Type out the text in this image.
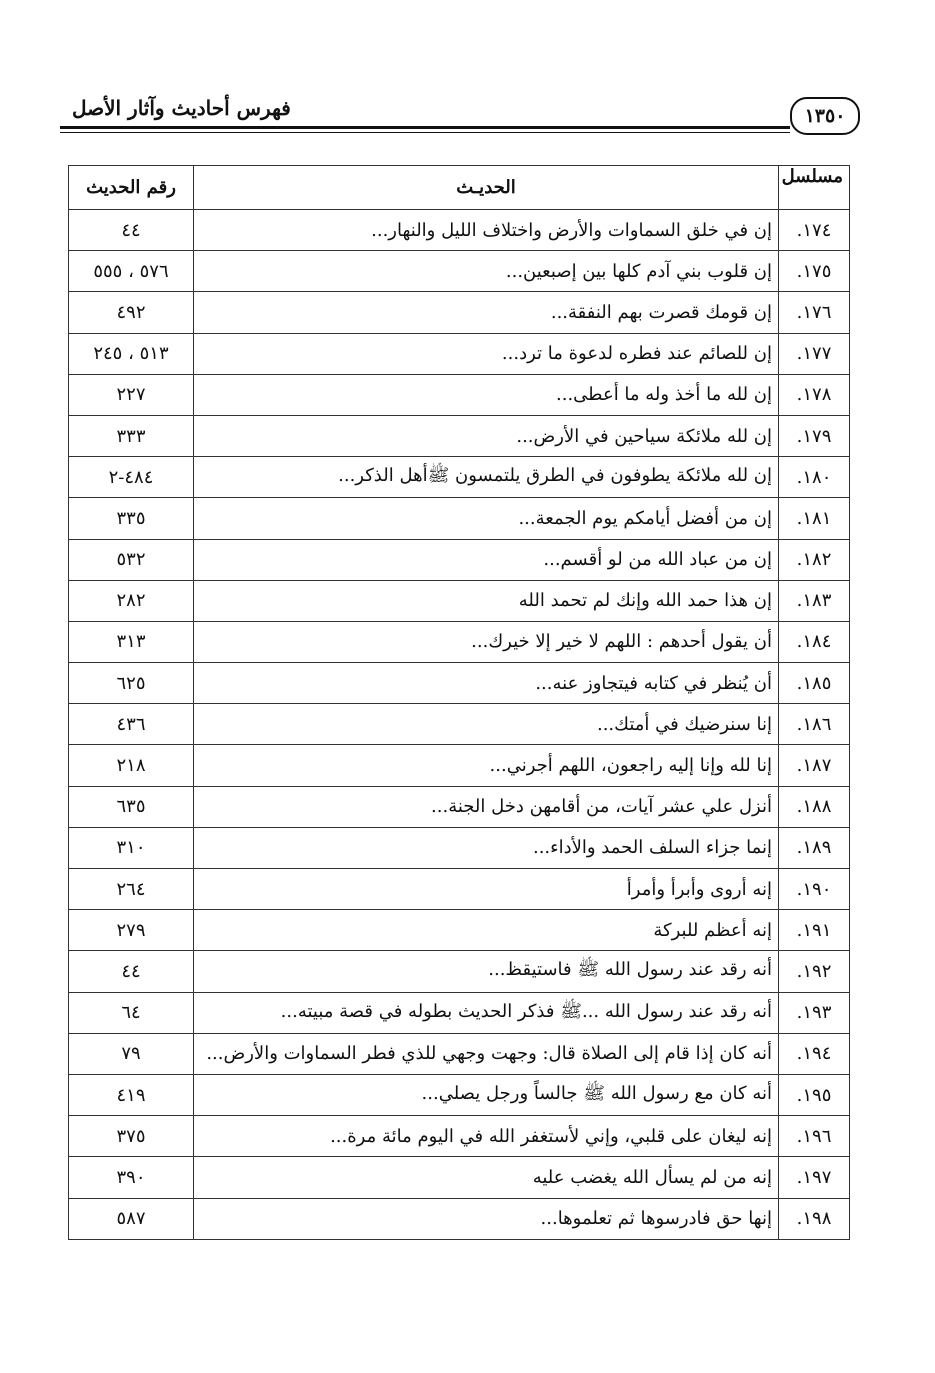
فهرس أحاديث وآثار الأصل	١٣٥٠
مسلسل	الحديـث	رقم الحديث
١٧٤.	إن في خلق السماوات والأرض واختلاف الليل والنهار...	٤٤
١٧٥.	إن قلوب بني آدم كلها بين إصبعين...	٥٧٦ ، ٥٥٥
١٧٦.	إن قومك قصرت بهم النفقة...	٤٩٢
١٧٧.	إن للصائم عند فطره لدعوة ما ترد...	٥١٣ ، ٢٤٥
١٧٨.	إن لله ما أخذ وله ما أعطى...	٢٢٧
١٧٩.	إن لله ملائكة سياحين في الأرض...	٣٣٣
١٨٠.	إن لله ملائكة يطوفون في الطرق يلتمسون ﷺأهل الذكر...	٤٨٤-٢
١٨١.	إن من أفضل أيامكم يوم الجمعة...	٣٣٥
١٨٢.	إن من عباد الله من لو أقسم...	٥٣٢
١٨٣.	إن هذا حمد الله وإنك لم تحمد الله	٢٨٢
١٨٤.	أن يقول أحدهم : اللهم لا خير إلا خيرك...	٣١٣
١٨٥.	أن يُنظر في كتابه فيتجاوز عنه...	٦٢٥
١٨٦.	إنا سنرضيك في أمتك...	٤٣٦
١٨٧.	إنا لله وإنا إليه راجعون، اللهم أجرني...	٢١٨
١٨٨.	أنزل علي عشر آيات، من أقامهن دخل الجنة...	٦٣٥
١٨٩.	إنما جزاء السلف الحمد والأداء...	٣١٠
١٩٠.	إنه أروى وأبرأ وأمرأ	٢٦٤
١٩١.	إنه أعظم للبركة	٢٧٩
١٩٢.	أنه رقد عند رسول الله ﷺ فاستيقظ...	٤٤
١٩٣.	أنه رقد عند رسول الله ...ﷺ فذكر الحديث بطوله في قصة مبيته...	٦٤
١٩٤.	أنه كان إذا قام إلى الصلاة قال: وجهت وجهي للذي فطر السماوات والأرض...	٧٩
١٩٥.	أنه كان مع رسول الله ﷺ جالساً ورجل يصلي...	٤١٩
١٩٦.	إنه ليغان على قلبي، وإني لأستغفر الله في اليوم مائة مرة...	٣٧٥
١٩٧.	إنه من لم يسأل الله يغضب عليه	٣٩٠
١٩٨.	إنها حق فادرسوها ثم تعلموها...	٥٨٧
